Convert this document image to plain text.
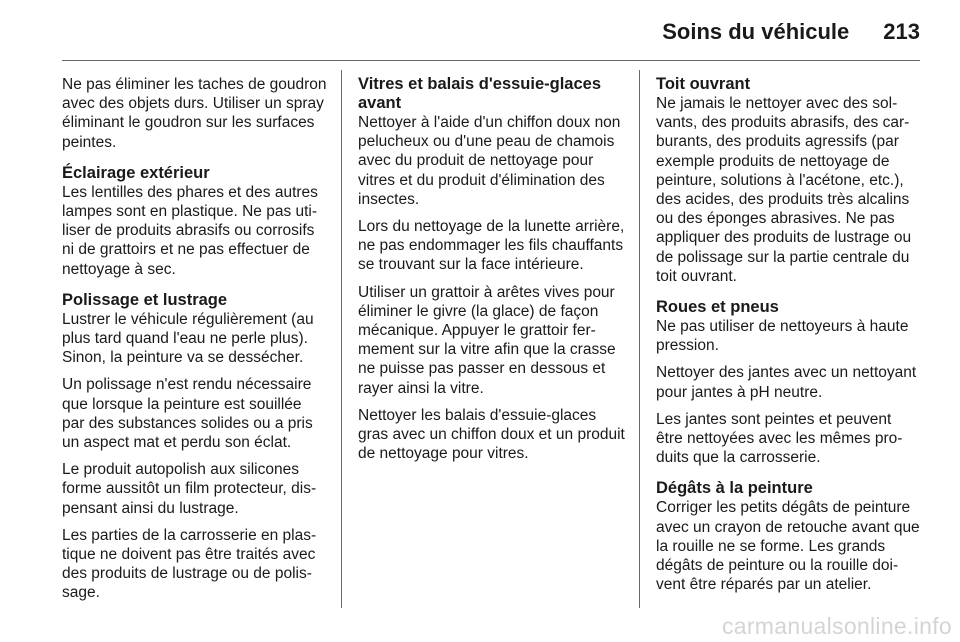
Soins du véhicule 213

Ne pas éliminer les taches de goudron avec des objets durs. Utiliser un spray éliminant le goudron sur les surfaces peintes.

Éclairage extérieur

Les lentilles des phares et des autres lampes sont en plastique. Ne pas utiliser de produits abrasifs ou corrosifs ni de grattoirs et ne pas effectuer de nettoyage à sec.

Polissage et lustrage

Lustrer le véhicule régulièrement (au plus tard quand l'eau ne perle plus). Sinon, la peinture va se dessécher.

Un polissage n'est rendu nécessaire que lorsque la peinture est souillée par des substances solides ou a pris un aspect mat et perdu son éclat.

Le produit autopolish aux silicones forme aussitôt un film protecteur, dispensant ainsi du lustrage.

Les parties de la carrosserie en plastique ne doivent pas être traités avec des produits de lustrage ou de polissage.

Vitres et balais d'essuie-glaces avant

Nettoyer à l'aide d'un chiffon doux non pelucheux ou d'une peau de chamois avec du produit de nettoyage pour vitres et du produit d'élimination des insectes.

Lors du nettoyage de la lunette arrière, ne pas endommager les fils chauffants se trouvant sur la face intérieure.

Utiliser un grattoir à arêtes vives pour éliminer le givre (la glace) de façon mécanique. Appuyer le grattoir fermement sur la vitre afin que la crasse ne puisse pas passer en dessous et rayer ainsi la vitre.

Nettoyer les balais d'essuie-glaces gras avec un chiffon doux et un produit de nettoyage pour vitres.

Toit ouvrant

Ne jamais le nettoyer avec des solvants, des produits abrasifs, des carburants, des produits agressifs (par exemple produits de nettoyage de peinture, solutions à l'acétone, etc.), des acides, des produits très alcalins ou des éponges abrasives. Ne pas appliquer des produits de lustrage ou de polissage sur la partie centrale du toit ouvrant.

Roues et pneus

Ne pas utiliser de nettoyeurs à haute pression.

Nettoyer des jantes avec un nettoyant pour jantes à pH neutre.

Les jantes sont peintes et peuvent être nettoyées avec les mêmes produits que la carrosserie.

Dégâts à la peinture

Corriger les petits dégâts de peinture avec un crayon de retouche avant que la rouille ne se forme. Les grands dégâts de peinture ou la rouille doivent être réparés par un atelier.

carmanualsonline.info
